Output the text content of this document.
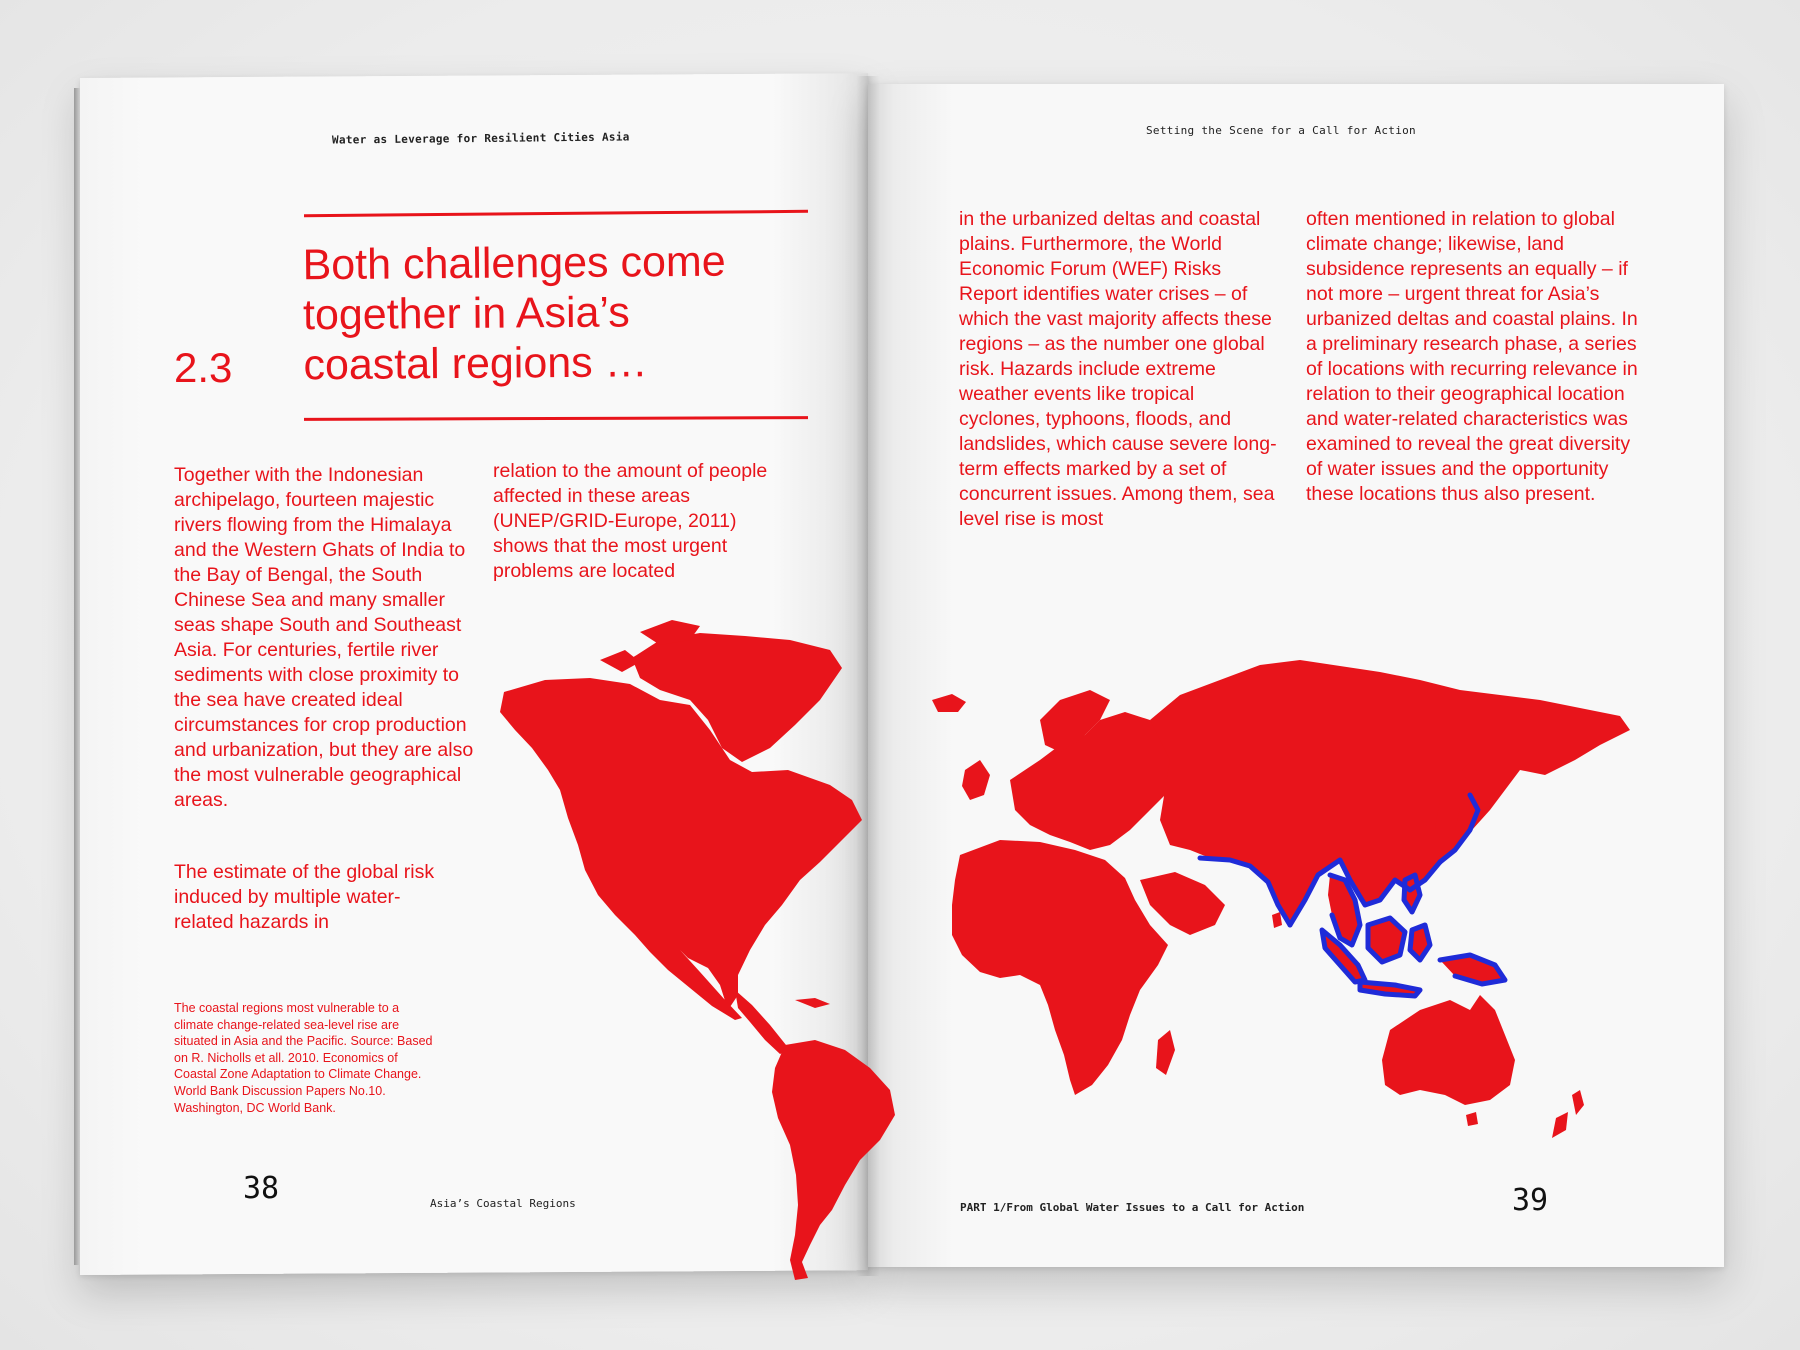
Water as Leverage for Resilient Cities Asia
2.3
Both challenges come
together in Asia’s
coastal regions …
Together with the Indonesian archipelago, fourteen majestic rivers flowing from the Himalaya and the Western Ghats of India to the Bay of Bengal, the South Chinese Sea and many smaller seas shape South and Southeast Asia. For centuries, fertile river sediments with close proximity to the sea have created ideal circumstances for crop production and urbanization, but they are also the most vulnerable geographical areas.
The estimate of the global risk induced by multiple water-related hazards in
relation to the amount of people affected in these areas (UNEP/GRID-Europe, 2011) shows that the most urgent problems are located
The coastal regions most vulnerable to a climate change-related sea-level rise are situated in Asia and the Pacific. Source: Based on R. Nicholls et all. 2010. Economics of Coastal Zone Adaptation to Climate Change. World Bank Discussion Papers No.10. Washington, DC World Bank.
Setting the Scene for a Call for Action
in the urbanized deltas and coastal plains. Furthermore, the World Economic Forum (WEF) Risks Report identifies water crises – of which the vast majority affects these regions – as the number one global risk. Hazards include extreme weather events like tropical cyclones, typhoons, floods, and landslides, which cause severe long-term effects marked by a set of concurrent issues. Among them, sea level rise is most
often mentioned in relation to global climate change; likewise, land subsidence represents an equally – if not more – urgent threat for Asia’s urbanized deltas and coastal plains. In a preliminary research phase, a series of locations with recurring relevance in relation to their geographical location and water-related characteristics was examined to reveal the great diversity of water issues and the opportunity these locations thus also present.
38	Asia’s Coastal Regions	PART 1/From Global Water Issues to a Call for Action	39
